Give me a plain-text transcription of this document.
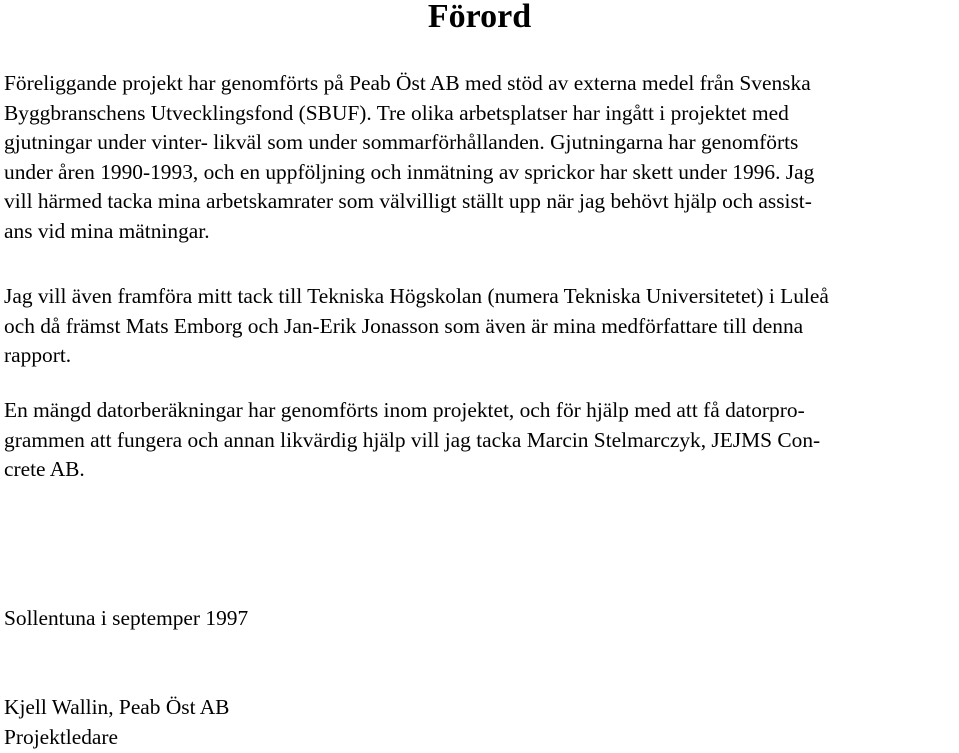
Förord
Föreliggande projekt har genomförts på Peab Öst AB med stöd av externa medel från Svenska
Byggbranschens Utvecklingsfond (SBUF). Tre olika arbetsplatser har ingått i projektet med
gjutningar under vinter- likväl som under sommarförhållanden. Gjutningarna har genomförts
under åren 1990-1993, och en uppföljning och inmätning av sprickor har skett under 1996. Jag
vill härmed tacka mina arbetskamrater som välvilligt ställt upp när jag behövt hjälp och assist-
ans vid mina mätningar.
Jag vill även framföra mitt tack till Tekniska Högskolan (numera Tekniska Universitetet) i Luleå
och då främst Mats Emborg och Jan-Erik Jonasson som även är mina medförfattare till denna
rapport.
En mängd datorberäkningar har genomförts inom projektet, och för hjälp med att få datorpro-
grammen att fungera och annan likvärdig hjälp vill jag tacka Marcin Stelmarczyk, JEJMS Con-
crete AB.
Sollentuna i septemper 1997
Kjell Wallin, Peab Öst AB
Projektledare
